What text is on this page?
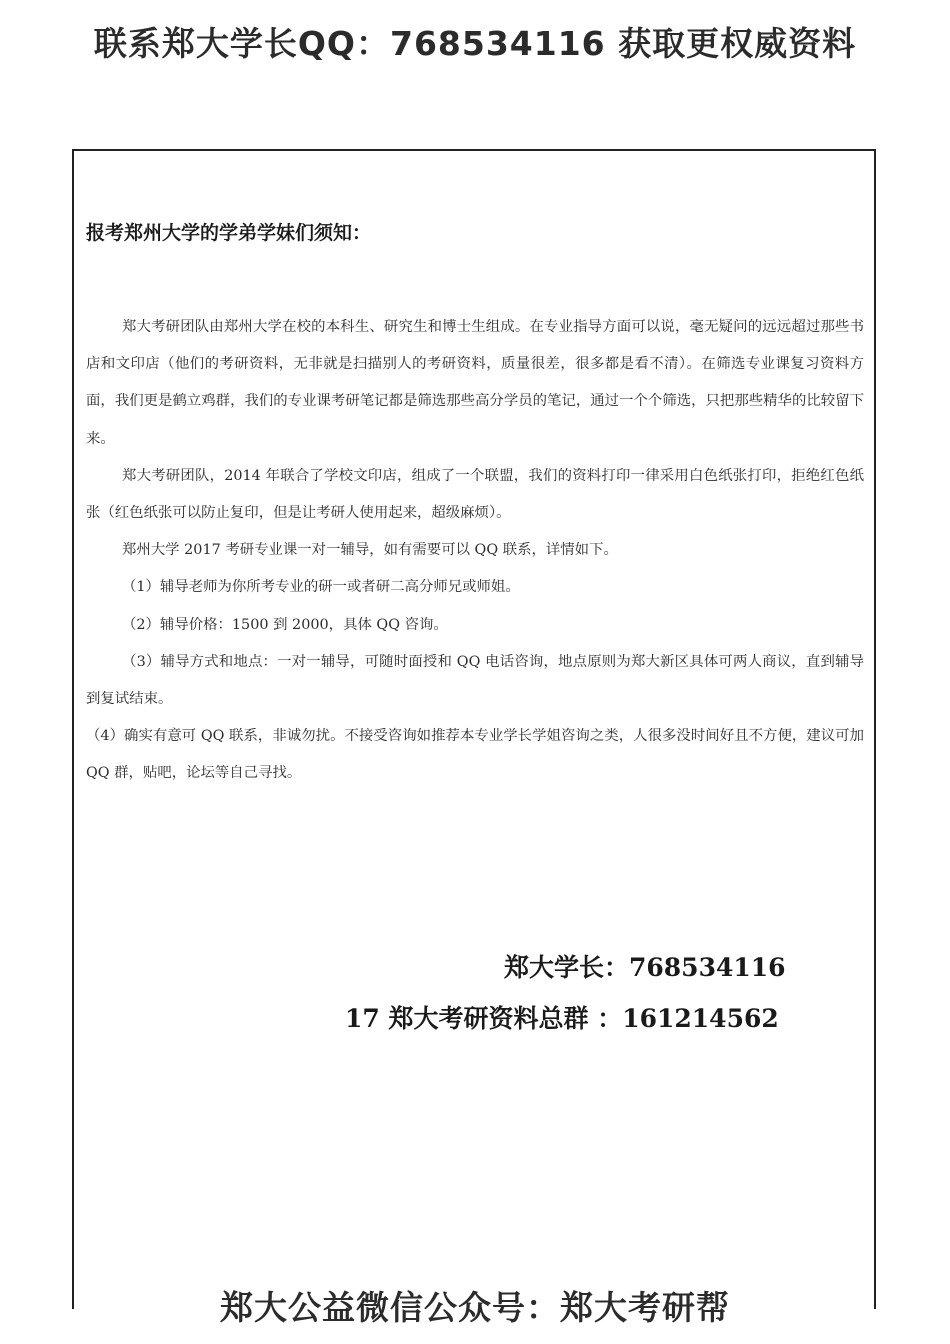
联系郑大学长QQ：768534116 获取更权威资料
报考郑州大学的学弟学妹们须知：

郑大考研团队由郑州大学在校的本科生、研究生和博士生组成。在专业指导方面可以说，毫无疑问的远远超过那些书店和文印店（他们的考研资料，无非就是扫描别人的考研资料，质量很差，很多都是看不清）。在筛选专业课复习资料方面，我们更是鹤立鸡群，我们的专业课考研笔记都是筛选那些高分学员的笔记，通过一个个筛选，只把那些精华的比较留下来。

郑大考研团队，2014 年联合了学校文印店，组成了一个联盟，我们的资料打印一律采用白色纸张打印，拒绝红色纸张（红色纸张可以防止复印，但是让考研人使用起来，超级麻烦）。

郑州大学 2017 考研专业课一对一辅导，如有需要可以 QQ 联系，详情如下。

（1）辅导老师为你所考专业的研一或者研二高分师兄或师姐。

（2）辅导价格：1500 到 2000，具体 QQ 咨询。

（3）辅导方式和地点：一对一辅导，可随时面授和 QQ 电话咨询，地点原则为郑大新区具体可两人商议，直到辅导到复试结束。

（4）确实有意可 QQ 联系，非诚勿扰。不接受咨询如推荐本专业学长学姐咨询之类，人很多没时间好且不方便，建议可加 QQ 群，贴吧，论坛等自己寻找。

郑大学长：768534116
17 郑大考研资料总群 ：161214562
郑大公益微信公众号：郑大考研帮
